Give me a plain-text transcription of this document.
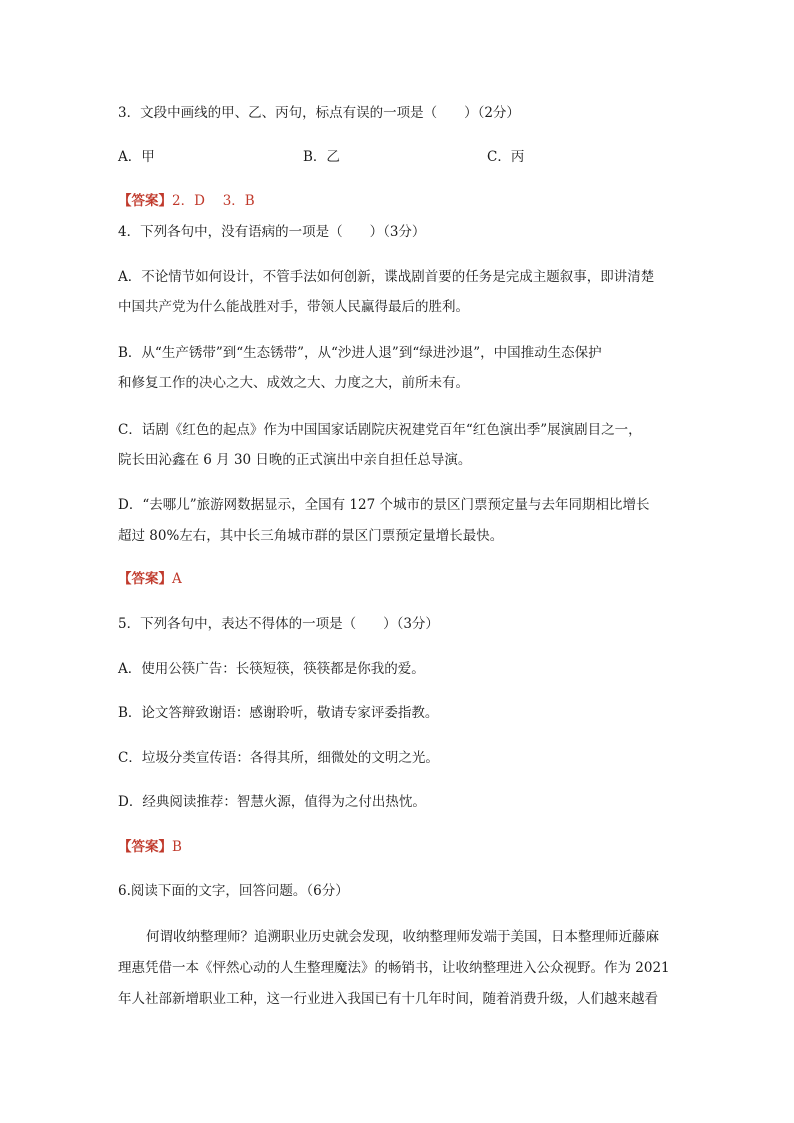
3．文段中画线的甲、乙、丙句，标点有误的一项是（　　）（2分）
A．甲	B．乙	C．丙
【答案】2．D　 3．B
4．下列各句中，没有语病的一项是（　　）（3分）
A．不论情节如何设计，不管手法如何创新，谍战剧首要的任务是完成主题叙事，即讲清楚
中国共产党为什么能战胜对手，带领人民赢得最后的胜利。
B．从“生产锈带”到“生态锈带”，从“沙进人退”到“绿进沙退”，中国推动生态保护
和修复工作的决心之大、成效之大、力度之大，前所未有。
C．话剧《红色的起点》作为中国国家话剧院庆祝建党百年“红色演出季”展演剧目之一，
院长田沁鑫在 6 月 30 日晚的正式演出中亲自担任总导演。
D．“去哪儿”旅游网数据显示，全国有 127 个城市的景区门票预定量与去年同期相比增长
超过 80%左右，其中长三角城市群的景区门票预定量增长最快。
【答案】A
5．下列各句中，表达不得体的一项是（　　）（3分）
A．使用公筷广告：长筷短筷，筷筷都是你我的爱。
B．论文答辩致谢语：感谢聆听，敬请专家评委指教。
C．垃圾分类宣传语：各得其所，细微处的文明之光。
D．经典阅读推荐：智慧火源，值得为之付出热忱。
【答案】B
6.阅读下面的文字，回答问题。（6分）
何谓收纳整理师？追溯职业历史就会发现，收纳整理师发端于美国，日本整理师近藤麻
理惠凭借一本《怦然心动的人生整理魔法》的畅销书，让收纳整理进入公众视野。作为 2021
年人社部新增职业工种，这一行业进入我国已有十几年时间，随着消费升级，人们越来越看
